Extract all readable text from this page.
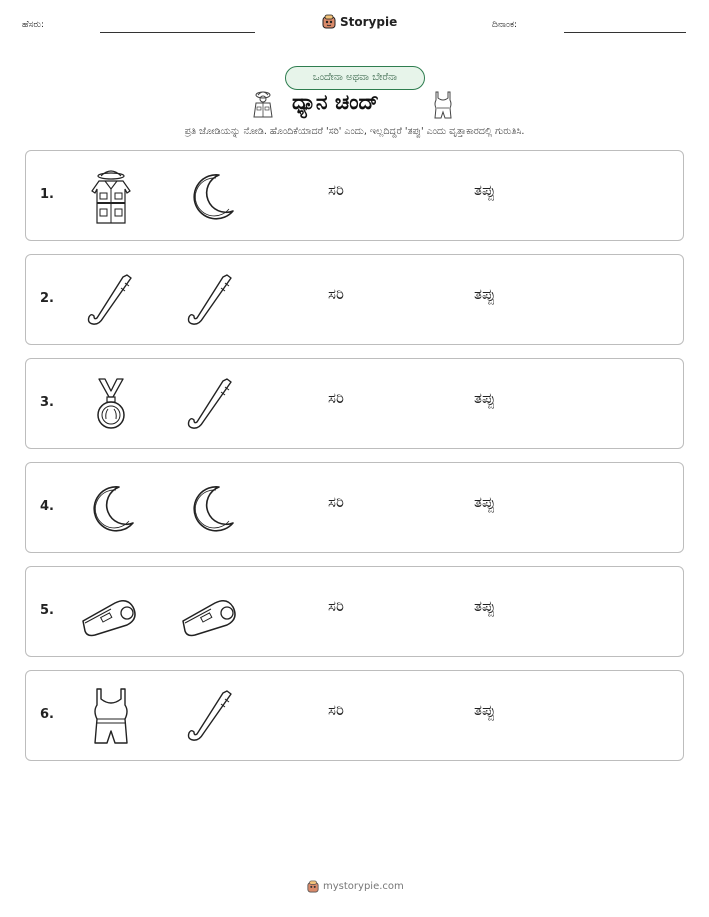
ಹೆಸರು:	Storypie	ದಿನಾಂಕ:
ಒಂದೇನಾ ಅಥವಾ ಬೇರೆನಾ
ಧ್ಯಾನ ಚಂದ್
ಪ್ರತಿ ಜೋಡಿಯನ್ನು ನೋಡಿ. ಹೊಂದಿಕೆಯಾದರೆ 'ಸರಿ' ಎಂದು, ಇಲ್ಲದಿದ್ದರೆ 'ತಪ್ಪು' ಎಂದು ವೃತ್ತಾಕಾರದಲ್ಲಿ ಗುರುತಿಸಿ.
1.	ಸರಿ	ತಪ್ಪು
2.	ಸರಿ	ತಪ್ಪು
3.	ಸರಿ	ತಪ್ಪು
4.	ಸರಿ	ತಪ್ಪು
5.	ಸರಿ	ತಪ್ಪು
6.	ಸರಿ	ತಪ್ಪು
mystorypie.com
